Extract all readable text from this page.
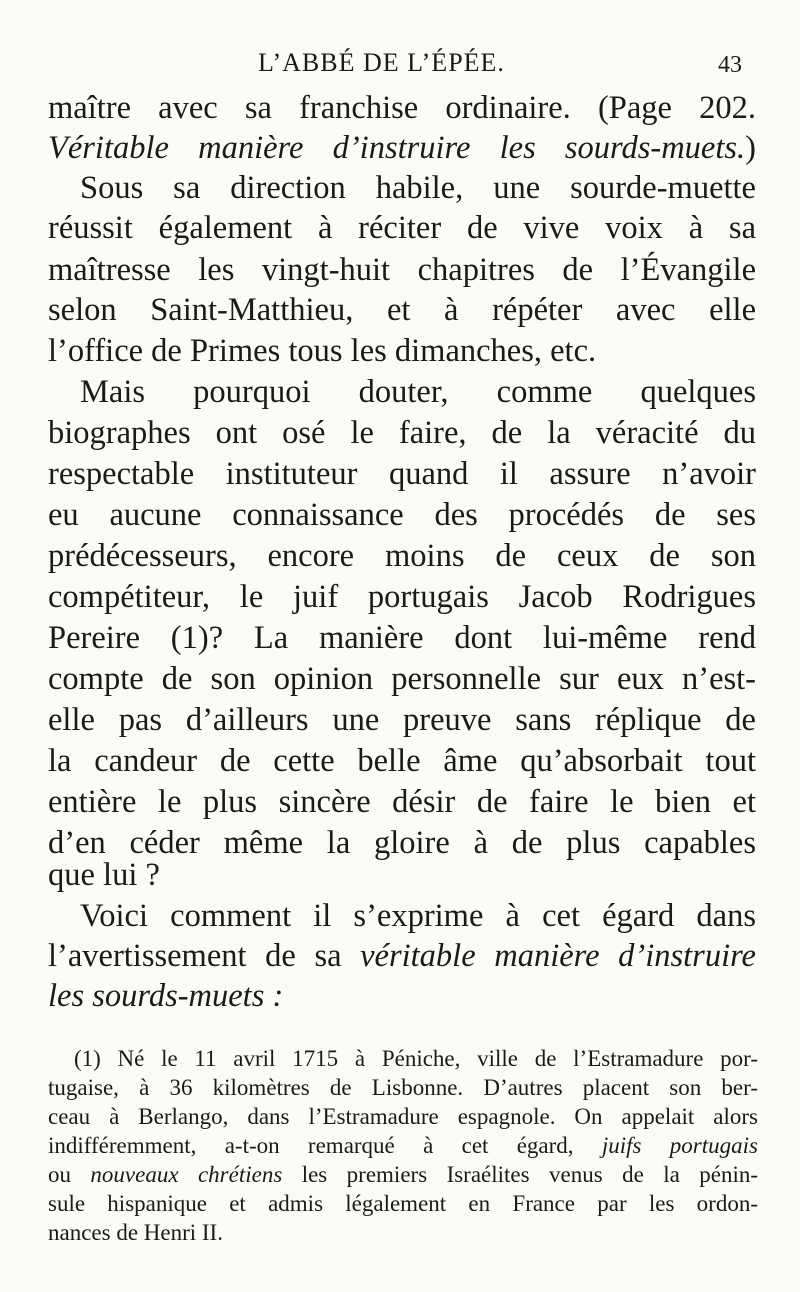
L’ABBÉ DE L’ÉPÉE.	43
maître avec sa franchise ordinaire. (Page 202.
Véritable manière d’instruire les sourds-muets.)
Sous sa direction habile, une sourde-muette
réussit également à réciter de vive voix à sa
maîtresse les vingt-huit chapitres de l’Évangile
selon Saint-Matthieu, et à répéter avec elle
l’office de Primes tous les dimanches, etc.
Mais pourquoi douter, comme quelques
biographes ont osé le faire, de la véracité du
respectable instituteur quand il assure n’avoir
eu aucune connaissance des procédés de ses
prédécesseurs, encore moins de ceux de son
compétiteur, le juif portugais Jacob Rodrigues
Pereire (1)? La manière dont lui-même rend
compte de son opinion personnelle sur eux n’est-
elle pas d’ailleurs une preuve sans réplique de
la candeur de cette belle âme qu’absorbait tout
entière le plus sincère désir de faire le bien et
d’en céder même la gloire à de plus capables
que lui ?
Voici comment il s’exprime à cet égard dans
l’avertissement de sa véritable manière d’instruire
les sourds-muets :
(1) Né le 11 avril 1715 à Péniche, ville de l’Estramadure por-
tugaise, à 36 kilomètres de Lisbonne. D’autres placent son ber-
ceau à Berlango, dans l’Estramadure espagnole. On appelait alors
indifféremment, a-t-on remarqué à cet égard, juifs portugais
ou nouveaux chrétiens les premiers Israélites venus de la pénin-
sule hispanique et admis légalement en France par les ordon-
nances de Henri II.
